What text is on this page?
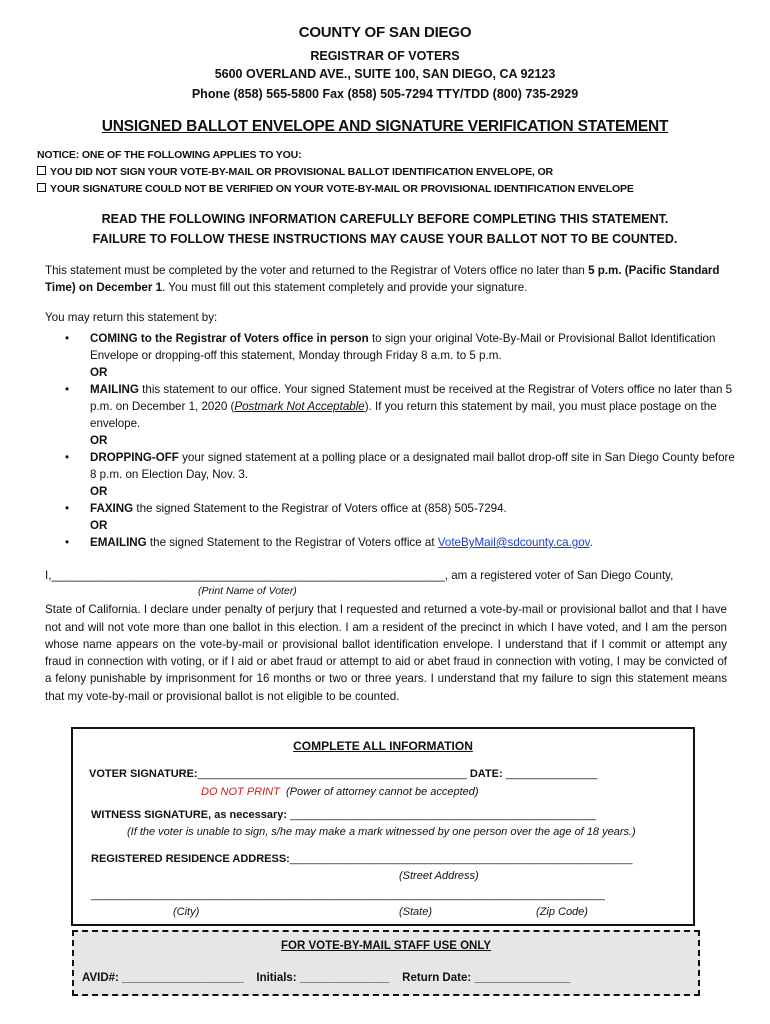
COUNTY OF SAN DIEGO
REGISTRAR OF VOTERS
5600 OVERLAND AVE., SUITE 100, SAN DIEGO, CA 92123
Phone (858) 565-5800 Fax (858) 505-7294 TTY/TDD (800) 735-2929
UNSIGNED BALLOT ENVELOPE AND SIGNATURE VERIFICATION STATEMENT
NOTICE: ONE OF THE FOLLOWING APPLIES TO YOU:
YOU DID NOT SIGN YOUR VOTE-BY-MAIL OR PROVISIONAL BALLOT IDENTIFICATION ENVELOPE, OR
YOUR SIGNATURE COULD NOT BE VERIFIED ON YOUR VOTE-BY-MAIL OR PROVISIONAL IDENTIFICATION ENVELOPE
READ THE FOLLOWING INFORMATION CAREFULLY BEFORE COMPLETING THIS STATEMENT.
FAILURE TO FOLLOW THESE INSTRUCTIONS MAY CAUSE YOUR BALLOT NOT TO BE COUNTED.
This statement must be completed by the voter and returned to the Registrar of Voters office no later than 5 p.m. (Pacific Standard Time) on December 1. You must fill out this statement completely and provide your signature.
You may return this statement by:
• COMING to the Registrar of Voters office in person to sign your original Vote-By-Mail or Provisional Ballot Identification Envelope or dropping-off this statement, Monday through Friday 8 a.m. to 5 p.m.
OR
• MAILING this statement to our office. Your signed Statement must be received at the Registrar of Voters office no later than 5 p.m. on December 1, 2020 (Postmark Not Acceptable). If you return this statement by mail, you must place postage on the envelope.
OR
• DROPPING-OFF your signed statement at a polling place or a designated mail ballot drop-off site in San Diego County before 8 p.m. on Election Day, Nov. 3.
OR
• FAXING the signed Statement to the Registrar of Voters office at (858) 505-7294.
OR
• EMAILING the signed Statement to the Registrar of Voters office at VoteByMail@sdcounty.ca.gov.
I,_____________________________________________________________, am a registered voter of San Diego County,
State of California. I declare under penalty of perjury that I requested and returned a vote-by-mail or provisional ballot and that I have not and will not vote more than one ballot in this election. I am a resident of the precinct in which I have voted, and I am the person whose name appears on the vote-by-mail or provisional ballot identification envelope. I understand that if I commit or attempt any fraud in connection with voting, or if I aid or abet fraud or attempt to aid or abet fraud in connection with voting, I may be convicted of a felony punishable by imprisonment for 16 months or two or three years. I understand that my failure to sign this statement means that my vote-by-mail or provisional ballot is not eligible to be counted.
(Print Name of Voter)
COMPLETE ALL INFORMATION
VOTER SIGNATURE:____________________________________________ DATE: _______________
DO NOT PRINT (Power of attorney cannot be accepted)
WITNESS SIGNATURE, as necessary: __________________________________________________
(If the voter is unable to sign, s/he may make a mark witnessed by one person over the age of 18 years.)
REGISTERED RESIDENCE ADDRESS:________________________________________________________
(Street Address)
____________________________________________________________________________________
(City)	(State)	(Zip Code)
FOR VOTE-BY-MAIL STAFF USE ONLY
AVID#: ___________________ Initials: ______________ Return Date: _______________
